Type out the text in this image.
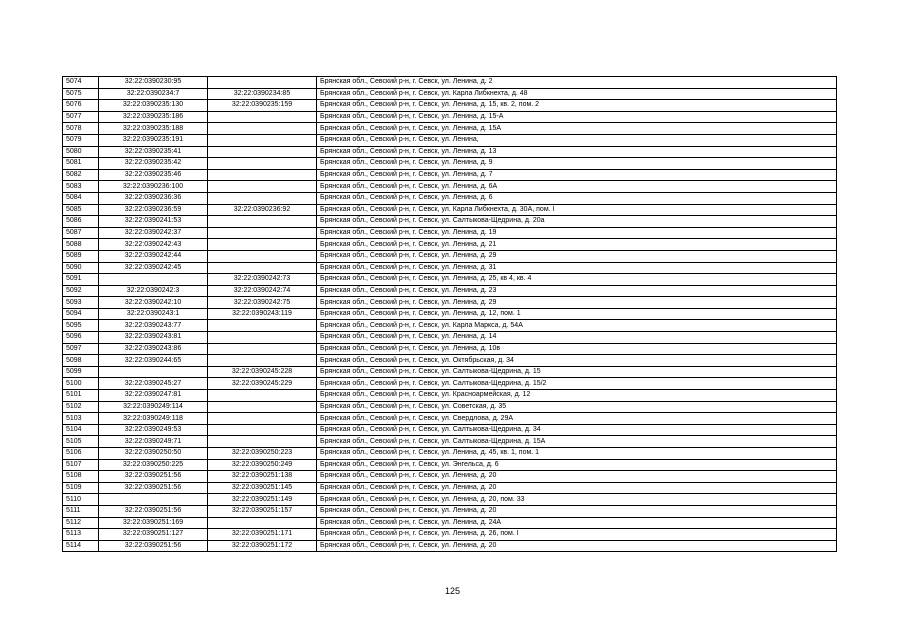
5074	32:22:0390230:95		Брянская обл., Севский р-н, г. Севск, ул. Ленина, д. 2
5075	32:22:0390234:7	32:22:0390234:85	Брянская обл., Севский р-н, г. Севск, ул. Карла Либкнехта, д. 48
5076	32:22:0390235:130	32:22:0390235:159	Брянская обл., Севский р-н, г. Севск, ул. Ленина, д. 15, кв. 2, пом. 2
5077	32:22:0390235:186		Брянская обл., Севский р-н, г. Севск, ул. Ленина, д. 15-А
5078	32:22:0390235:188		Брянская обл., Севский р-н, г. Севск, ул. Ленина, д. 15А
5079	32:22:0390235:191		Брянская обл., Севский р-н, г. Севск, ул. Ленина,
5080	32:22:0390235:41		Брянская обл., Севский р-н, г. Севск, ул. Ленина, д. 13
5081	32:22:0390235:42		Брянская обл., Севский р-н, г. Севск, ул. Ленина, д. 9
5082	32:22:0390235:46		Брянская обл., Севский р-н, г. Севск, ул. Ленина, д. 7
5083	32:22:0390236:100		Брянская обл., Севский р-н, г. Севск, ул. Ленина, д. 6А
5084	32:22:0390236:36		Брянская обл., Севский р-н, г. Севск, ул. Ленина, д. 6
5085	32:22:0390236:59	32:22:0390236:92	Брянская обл., Севский р-н, г. Севск, ул. Карла Либкнехта, д. 30А, пом. I
5086	32:22:0390241:53		Брянская обл., Севский р-н, г. Севск, ул. Салтыкова-Щедрина, д. 20а
5087	32:22:0390242:37		Брянская обл., Севский р-н, г. Севск, ул. Ленина, д. 19
5088	32:22:0390242:43		Брянская обл., Севский р-н, г. Севск, ул. Ленина, д. 21
5089	32:22:0390242:44		Брянская обл., Севский р-н, г. Севск, ул. Ленина, д. 29
5090	32:22:0390242:45		Брянская обл., Севский р-н, г. Севск, ул. Ленина, д. 31
5091		32:22:0390242:73	Брянская обл., Севский р-н, г. Севск, ул. Ленина, д. 25, кв 4, кв. 4
5092	32:22:0390242:3	32:22:0390242:74	Брянская обл., Севский р-н, г. Севск, ул. Ленина, д. 23
5093	32:22:0390242:10	32:22:0390242:75	Брянская обл., Севский р-н, г. Севск, ул. Ленина, д. 29
5094	32:22:0390243:1	32:22:0390243:119	Брянская обл., Севский р-н, г. Севск, ул. Ленина, д. 12, пом. 1
5095	32:22:0390243:77		Брянская обл., Севский р-н, г. Севск, ул. Карла Маркса, д. 54А
5096	32:22:0390243:81		Брянская обл., Севский р-н, г. Севск, ул. Ленина, д. 14
5097	32:22:0390243:86		Брянская обл., Севский р-н, г. Севск, ул. Ленина, д. 10в
5098	32:22:0390244:65		Брянская обл., Севский р-н, г. Севск, ул. Октябрьская, д. 34
5099		32:22:0390245:228	Брянская обл., Севский р-н, г. Севск, ул. Салтыкова-Щедрина, д. 15
5100	32:22:0390245:27	32:22:0390245:229	Брянская обл., Севский р-н, г. Севск, ул. Салтыкова-Щедрина, д. 15/2
5101	32:22:0390247:81		Брянская обл., Севский р-н, г. Севск, ул. Красноармейская, д. 12
5102	32:22:0390249:114		Брянская обл., Севский р-н, г. Севск, ул. Советская, д. 35
5103	32:22:0390249:118		Брянская обл., Севский р-н, г. Севск, ул. Свердлова, д. 29А
5104	32:22:0390249:53		Брянская обл., Севский р-н, г. Севск, ул. Салтыкова-Щедрина, д. 34
5105	32:22:0390249:71		Брянская обл., Севский р-н, г. Севск, ул. Салтыкова-Щедрина, д. 15А
5106	32:22:0390250:50	32:22:0390250:223	Брянская обл., Севский р-н, г. Севск, ул. Ленина, д. 45, кв. 1, пом. 1
5107	32:22:0390250:225	32:22:0390250:249	Брянская обл., Севский р-н, г. Севск, ул. Энгельса, д. 6
5108	32:22:0390251:56	32:22:0390251:138	Брянская обл., Севский р-н, г. Севск, ул. Ленина, д. 20
5109	32:22:0390251:56	32:22:0390251:145	Брянская обл., Севский р-н, г. Севск, ул. Ленина, д. 20
5110		32:22:0390251:149	Брянская обл., Севский р-н, г. Севск, ул. Ленина, д. 20, пом. 33
5111	32:22:0390251:56	32:22:0390251:157	Брянская обл., Севский р-н, г. Севск, ул. Ленина, д. 20
5112	32:22:0390251:169		Брянская обл., Севский р-н, г. Севск, ул. Ленина, д. 24А
5113	32:22:0390251:127	32:22:0390251:171	Брянская обл., Севский р-н, г. Севск, ул. Ленина, д. 26, пом. I
5114	32:22:0390251:56	32:22:0390251:172	Брянская обл., Севский р-н, г. Севск, ул. Ленина, д. 20
125
